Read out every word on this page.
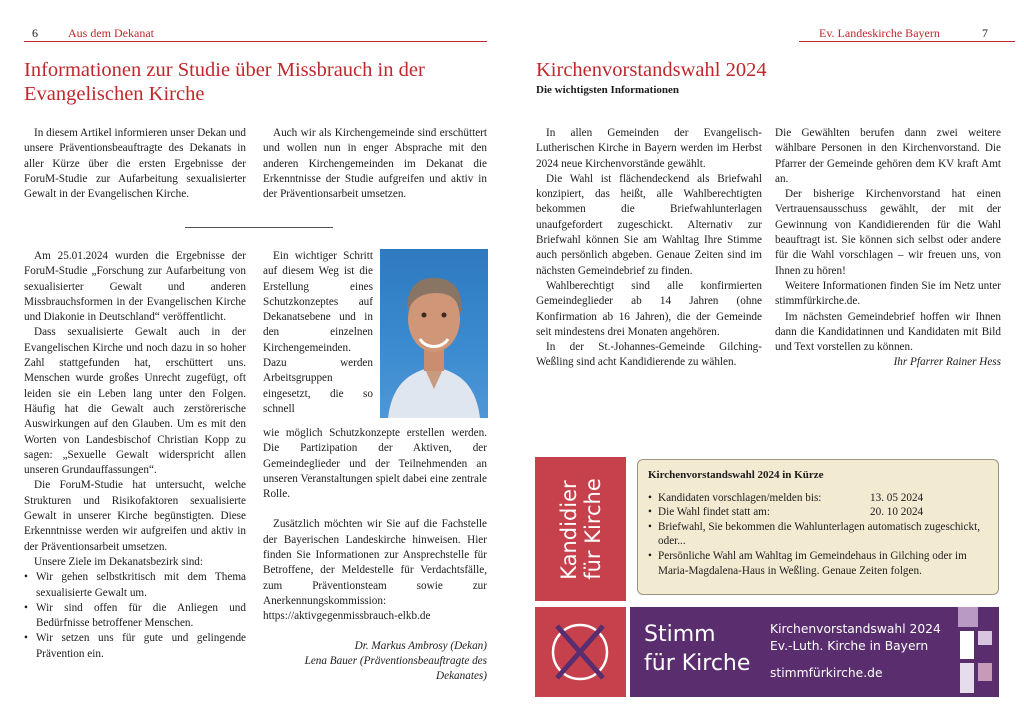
6	Aus dem Dekanat
Informationen zur Studie über Missbrauch in der
Evangelischen Kirche

In diesem Artikel informieren unser Dekan und unsere Präventionsbeauftragte des Dekanats in aller Kürze über die ersten Ergebnisse der ForuM-Studie zur Aufarbeitung sexualisierter Gewalt in der Evangelischen Kirche.

Auch wir als Kirchengemeinde sind erschüttert und wollen nun in enger Absprache mit den anderen Kirchengemeinden im Dekanat die Erkenntnisse der Studie aufgreifen und aktiv in der Präventionsarbeit umsetzen.

Am 25.01.2024 wurden die Ergebnisse der ForuM-Studie „Forschung zur Aufarbeitung von sexualisierter Gewalt und anderen Missbrauchsformen in der Evangelischen Kirche und Diakonie in Deutschland“ veröffentlicht.

Dass sexualisierte Gewalt auch in der Evangelischen Kirche und noch dazu in so hoher Zahl stattgefunden hat, erschüttert uns. Menschen wurde großes Unrecht zugefügt, oft leiden sie ein Leben lang unter den Folgen. Häufig hat die Gewalt auch zerstörerische Auswirkungen auf den Glauben. Um es mit den Worten von Landesbischof Christian Kopp zu sagen: „Sexuelle Gewalt widerspricht allen unseren Grundauffassungen“.

Die ForuM-Studie hat untersucht, welche Strukturen und Risikofaktoren sexualisierte Gewalt in unserer Kirche begünstigten. Diese Erkenntnisse werden wir aufgreifen und aktiv in der Präventionsarbeit umsetzen.

Unsere Ziele im Dekanatsbezirk sind:

• Wir gehen selbstkritisch mit dem Thema sexualisierte Gewalt um.
• Wir sind offen für die Anliegen und Bedürfnisse betroffener Menschen.
• Wir setzen uns für gute und gelingende Prävention ein.

Ein wichtiger Schritt auf diesem Weg ist die Erstellung eines Schutzkonzeptes auf Dekanatsebene und in den einzelnen Kirchengemeinden. Dazu werden Arbeitsgruppen eingesetzt, die so schnell

wie möglich Schutzkonzepte erstellen werden. Die Partizipation der Aktiven, der Gemeindeglieder und der Teilnehmenden an unseren Veranstaltungen spielt dabei eine zentrale Rolle.

Zusätzlich möchten wir Sie auf die Fachstelle der Bayerischen Landeskirche hinweisen. Hier finden Sie Informationen zur Ansprechstelle für Betroffene, der Meldestelle für Verdachtsfälle, zum Präventionsteam sowie zur Anerkennungskommission: https://aktivgegenmissbrauch-elkb.de

Dr. Markus Ambrosy (Dekan)
Lena Bauer (Präventionsbeauftragte des Dekanates)
Ev. Landeskirche Bayern	7
Kirchenvorstandswahl 2024
Die wichtigsten Informationen

In allen Gemeinden der Evangelisch-Lutherischen Kirche in Bayern werden im Herbst 2024 neue Kirchenvorstände gewählt.

Die Wahl ist flächendeckend als Briefwahl konzipiert, das heißt, alle Wahlberechtigten bekommen die Briefwahlunterlagen unaufgefordert zugeschickt. Alternativ zur Briefwahl können Sie am Wahltag Ihre Stimme auch persönlich abgeben. Genaue Zeiten sind im nächsten Gemeindebrief zu finden.

Wahlberechtigt sind alle konfirmierten Gemeindeglieder ab 14 Jahren (ohne Konfirmation ab 16 Jahren), die der Gemeinde seit mindestens drei Monaten angehören.

In der St.-Johannes-Gemeinde Gilching-Weßling sind acht Kandidierende zu wählen.

Die Gewählten berufen dann zwei weitere wählbare Personen in den Kirchenvorstand. Die Pfarrer der Gemeinde gehören dem KV kraft Amt an.

Der bisherige Kirchenvorstand hat einen Vertrauensausschuss gewählt, der mit der Gewinnung von Kandidierenden für die Wahl beauftragt ist. Sie können sich selbst oder andere für die Wahl vorschlagen – wir freuen uns, von Ihnen zu hören!

Weitere Informationen finden Sie im Netz unter stimmfürkirche.de.

Im nächsten Gemeindebrief hoffen wir Ihnen dann die Kandidatinnen und Kandidaten mit Bild und Text vorstellen zu können.

Ihr Pfarrer Rainer Hess
Kandidier für Kirche
Kirchenvorstandswahl 2024 in Kürze
• Kandidaten vorschlagen/melden bis:	13. 05 2024
• Die Wahl findet statt am:	20. 10 2024
• Briefwahl, Sie bekommen die Wahlunterlagen automatisch zugeschickt, oder...
• Persönliche Wahl am Wahltag im Gemeindehaus in Gilching oder im Maria-Magdalena-Haus in Weßling. Genaue Zeiten folgen.
Stimm
für Kirche
Kirchenvorstandswahl 2024
Ev.-Luth. Kirche in Bayern
stimmfürkirche.de
